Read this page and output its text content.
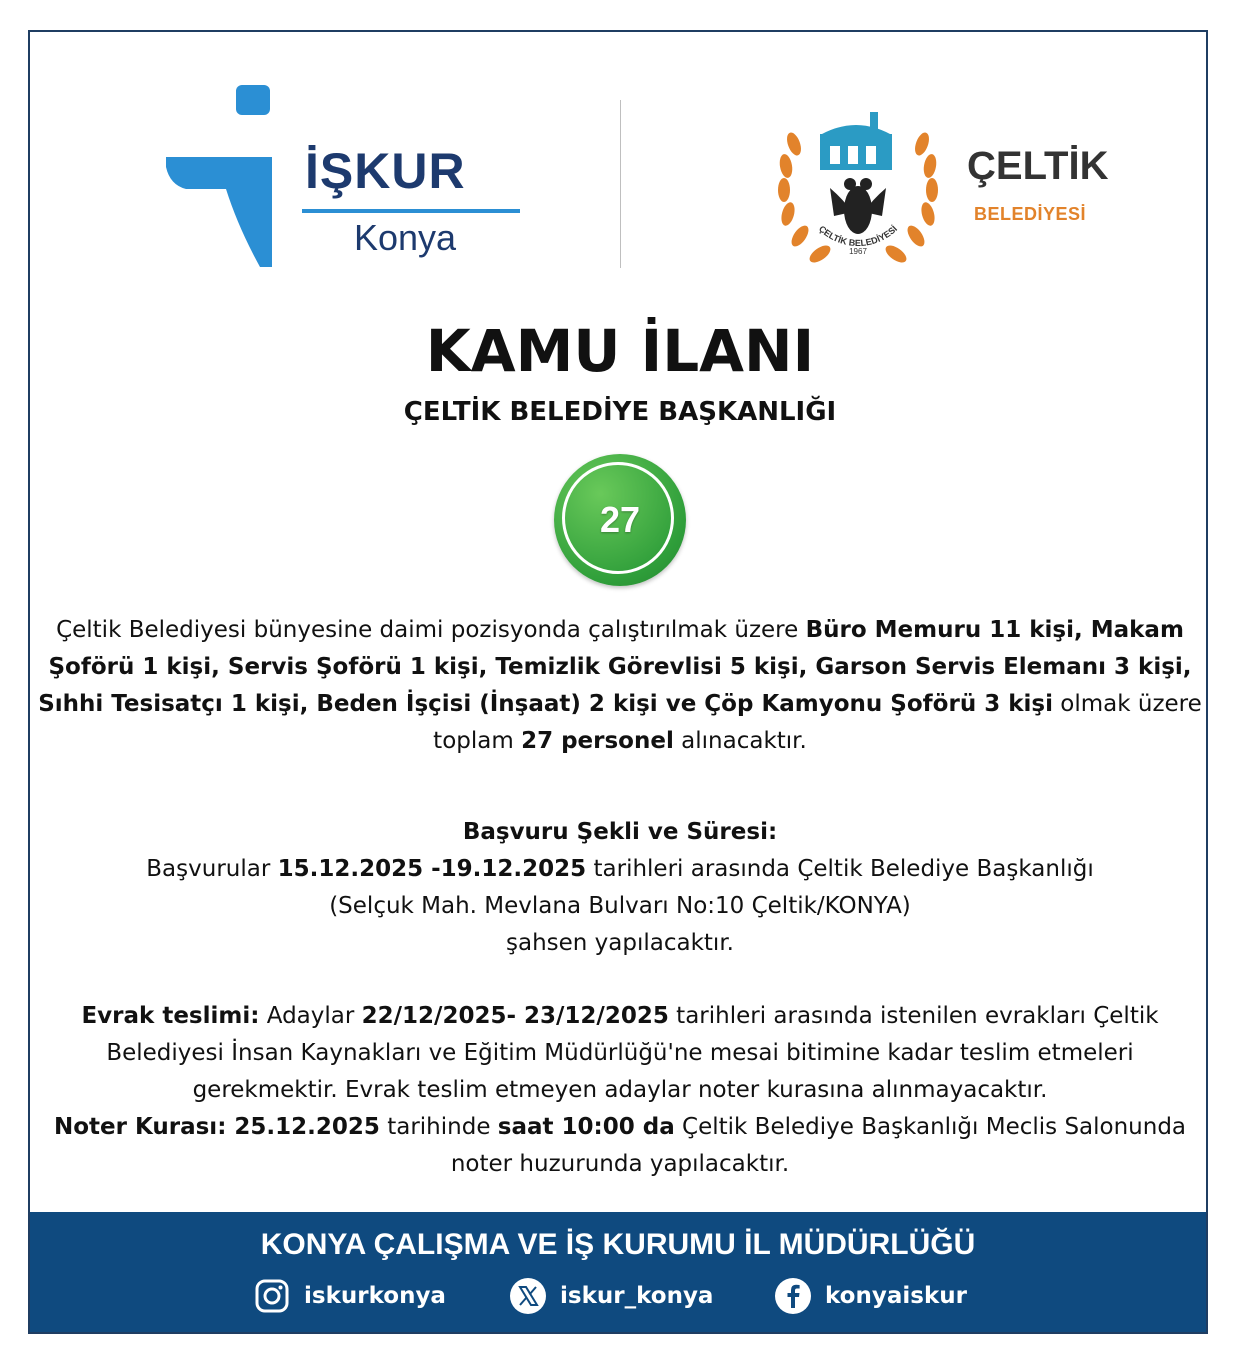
İŞKUR
Konya	1967
ÇELTİK BELEDİYESİ
ÇELTİK
BELEDİYESİ
KAMU İLANI
ÇELTİK BELEDİYE BAŞKANLIĞI
27
Çeltik Belediyesi bünyesine daimi pozisyonda çalıştırılmak üzere Büro Memuru 11 kişi, Makam Şoförü 1 kişi, Servis Şoförü 1 kişi, Temizlik Görevlisi 5 kişi, Garson Servis Elemanı 3 kişi, Sıhhi Tesisatçı 1 kişi, Beden İşçisi (İnşaat) 2 kişi ve Çöp Kamyonu Şoförü 3 kişi olmak üzere toplam 27 personel alınacaktır.
Başvuru Şekli ve Süresi:
Başvurular 15.12.2025 -19.12.2025 tarihleri arasında Çeltik Belediye Başkanlığı
(Selçuk Mah. Mevlana Bulvarı No:10 Çeltik/KONYA)
şahsen yapılacaktır.
Evrak teslimi: Adaylar 22/12/2025- 23/12/2025 tarihleri arasında istenilen evrakları Çeltik Belediyesi İnsan Kaynakları ve Eğitim Müdürlüğü'ne mesai bitimine kadar teslim etmeleri gerekmektir. Evrak teslim etmeyen adaylar noter kurasına alınmayacaktır.
Noter Kurası: 25.12.2025 tarihinde saat 10:00 da Çeltik Belediye Başkanlığı Meclis Salonunda noter huzurunda yapılacaktır.
KONYA ÇALIŞMA VE İŞ KURUMU İL MÜDÜRLÜĞÜ
iskurkonya	iskur_konya	konyaiskur
